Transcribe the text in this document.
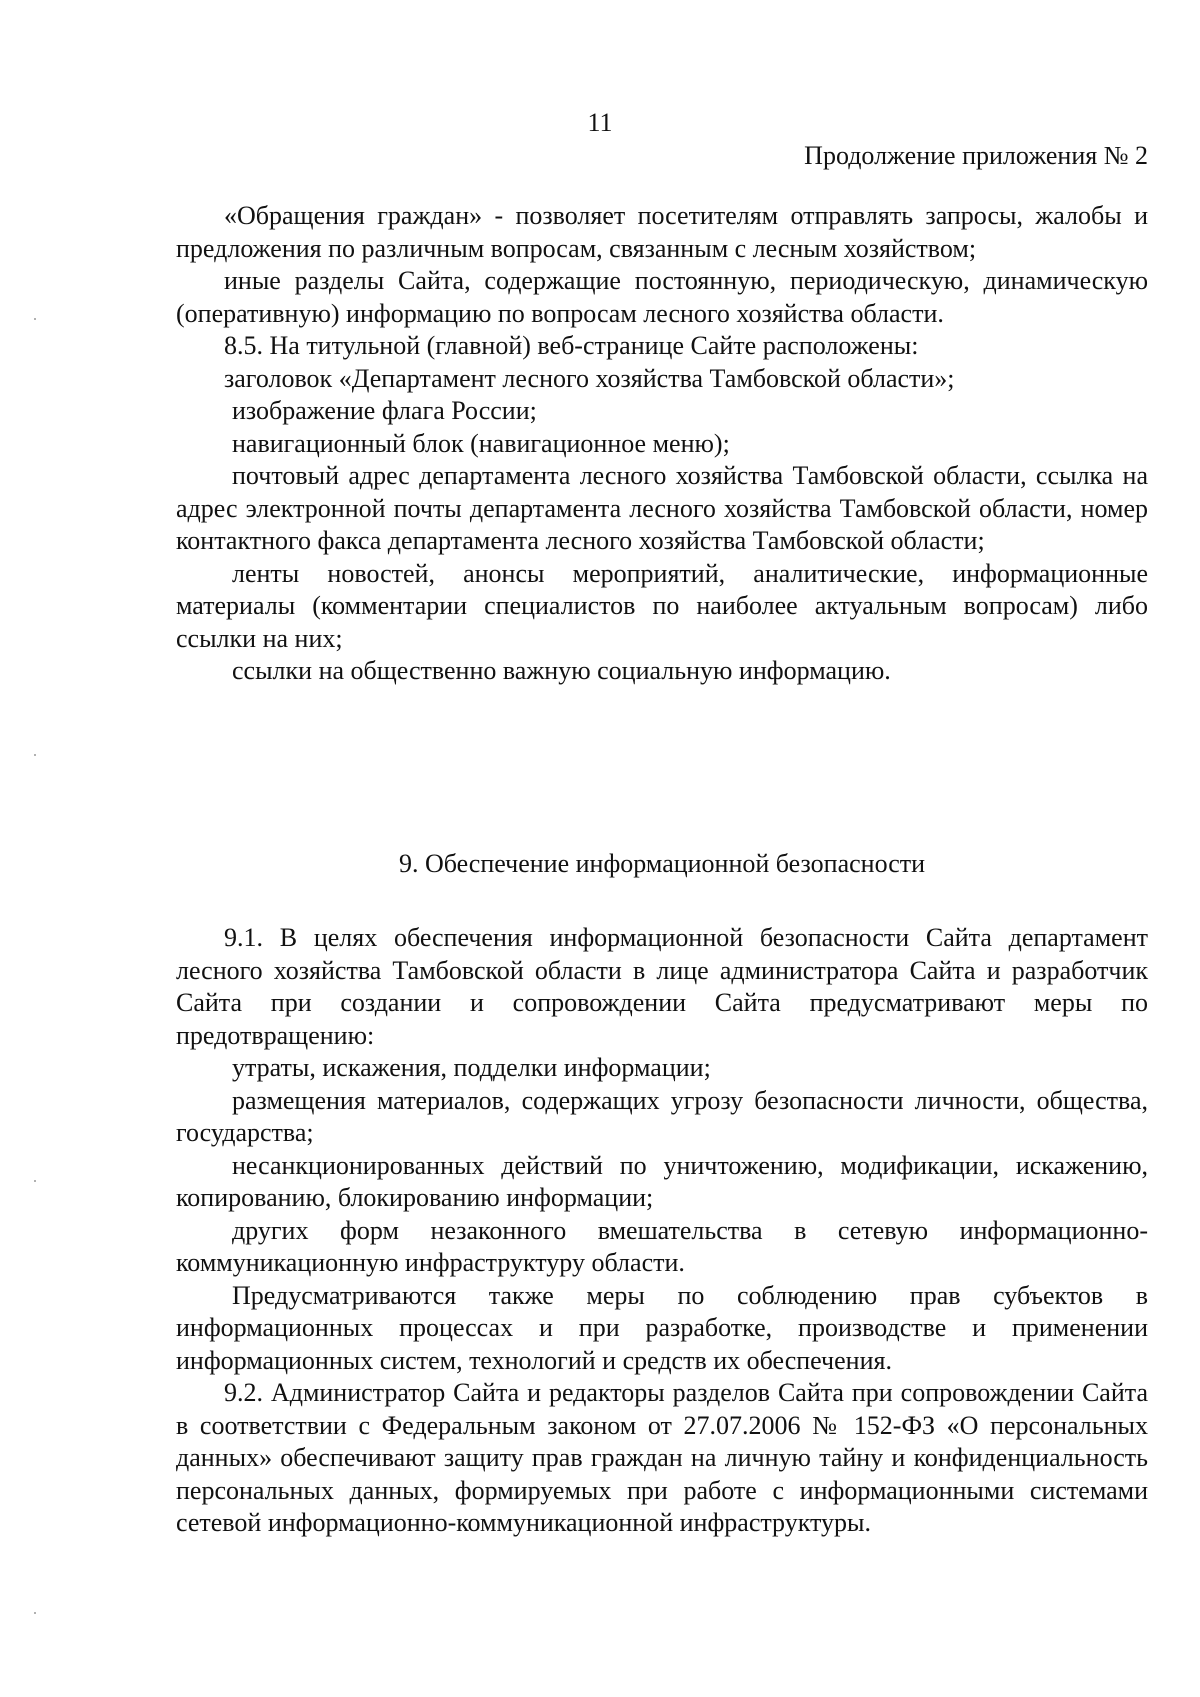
11
Продолжение приложения № 2

«Обращения граждан» - позволяет посетителям отправлять запросы, жалобы и предложения по различным вопросам, связанным с лесным хозяйством;

иные разделы Сайта, содержащие постоянную, периодическую, динамическую (оперативную) информацию по вопросам лесного хозяйства области.

8.5. На титульной (главной) веб-странице Сайте расположены:

заголовок «Департамент лесного хозяйства Тамбовской области»;

изображение флага России;

навигационный блок (навигационное меню);

почтовый адрес департамента лесного хозяйства Тамбовской области, ссылка на адрес электронной почты департамента лесного хозяйства Тамбовской области, номер контактного факса департамента лесного хозяйства Тамбовской области;

ленты новостей, анонсы мероприятий, аналитические, информационные материалы (комментарии специалистов по наиболее актуальным вопросам) либо ссылки на них;

ссылки на общественно важную социальную информацию.

9. Обеспечение информационной безопасности

9.1. В целях обеспечения информационной безопасности Сайта департамент лесного хозяйства Тамбовской области в лице администратора Сайта и разработчик Сайта при создании и сопровождении Сайта предусматривают меры по предотвращению:

утраты, искажения, подделки информации;

размещения материалов, содержащих угрозу безопасности личности, общества, государства;

несанкционированных действий по уничтожению, модификации, искажению, копированию, блокированию информации;

других форм незаконного вмешательства в сетевую информационно-коммуникационную инфраструктуру области.

Предусматриваются также меры по соблюдению прав субъектов в информационных процессах и при разработке, производстве и применении информационных систем, технологий и средств их обеспечения.

9.2. Администратор Сайта и редакторы разделов Сайта при сопровождении Сайта в соответствии с Федеральным законом от 27.07.2006 № 152-ФЗ «О персональных данных» обеспечивают защиту прав граждан на личную тайну и конфиденциальность персональных данных, формируемых при работе с информационными системами сетевой информационно-коммуникационной инфраструктуры.
